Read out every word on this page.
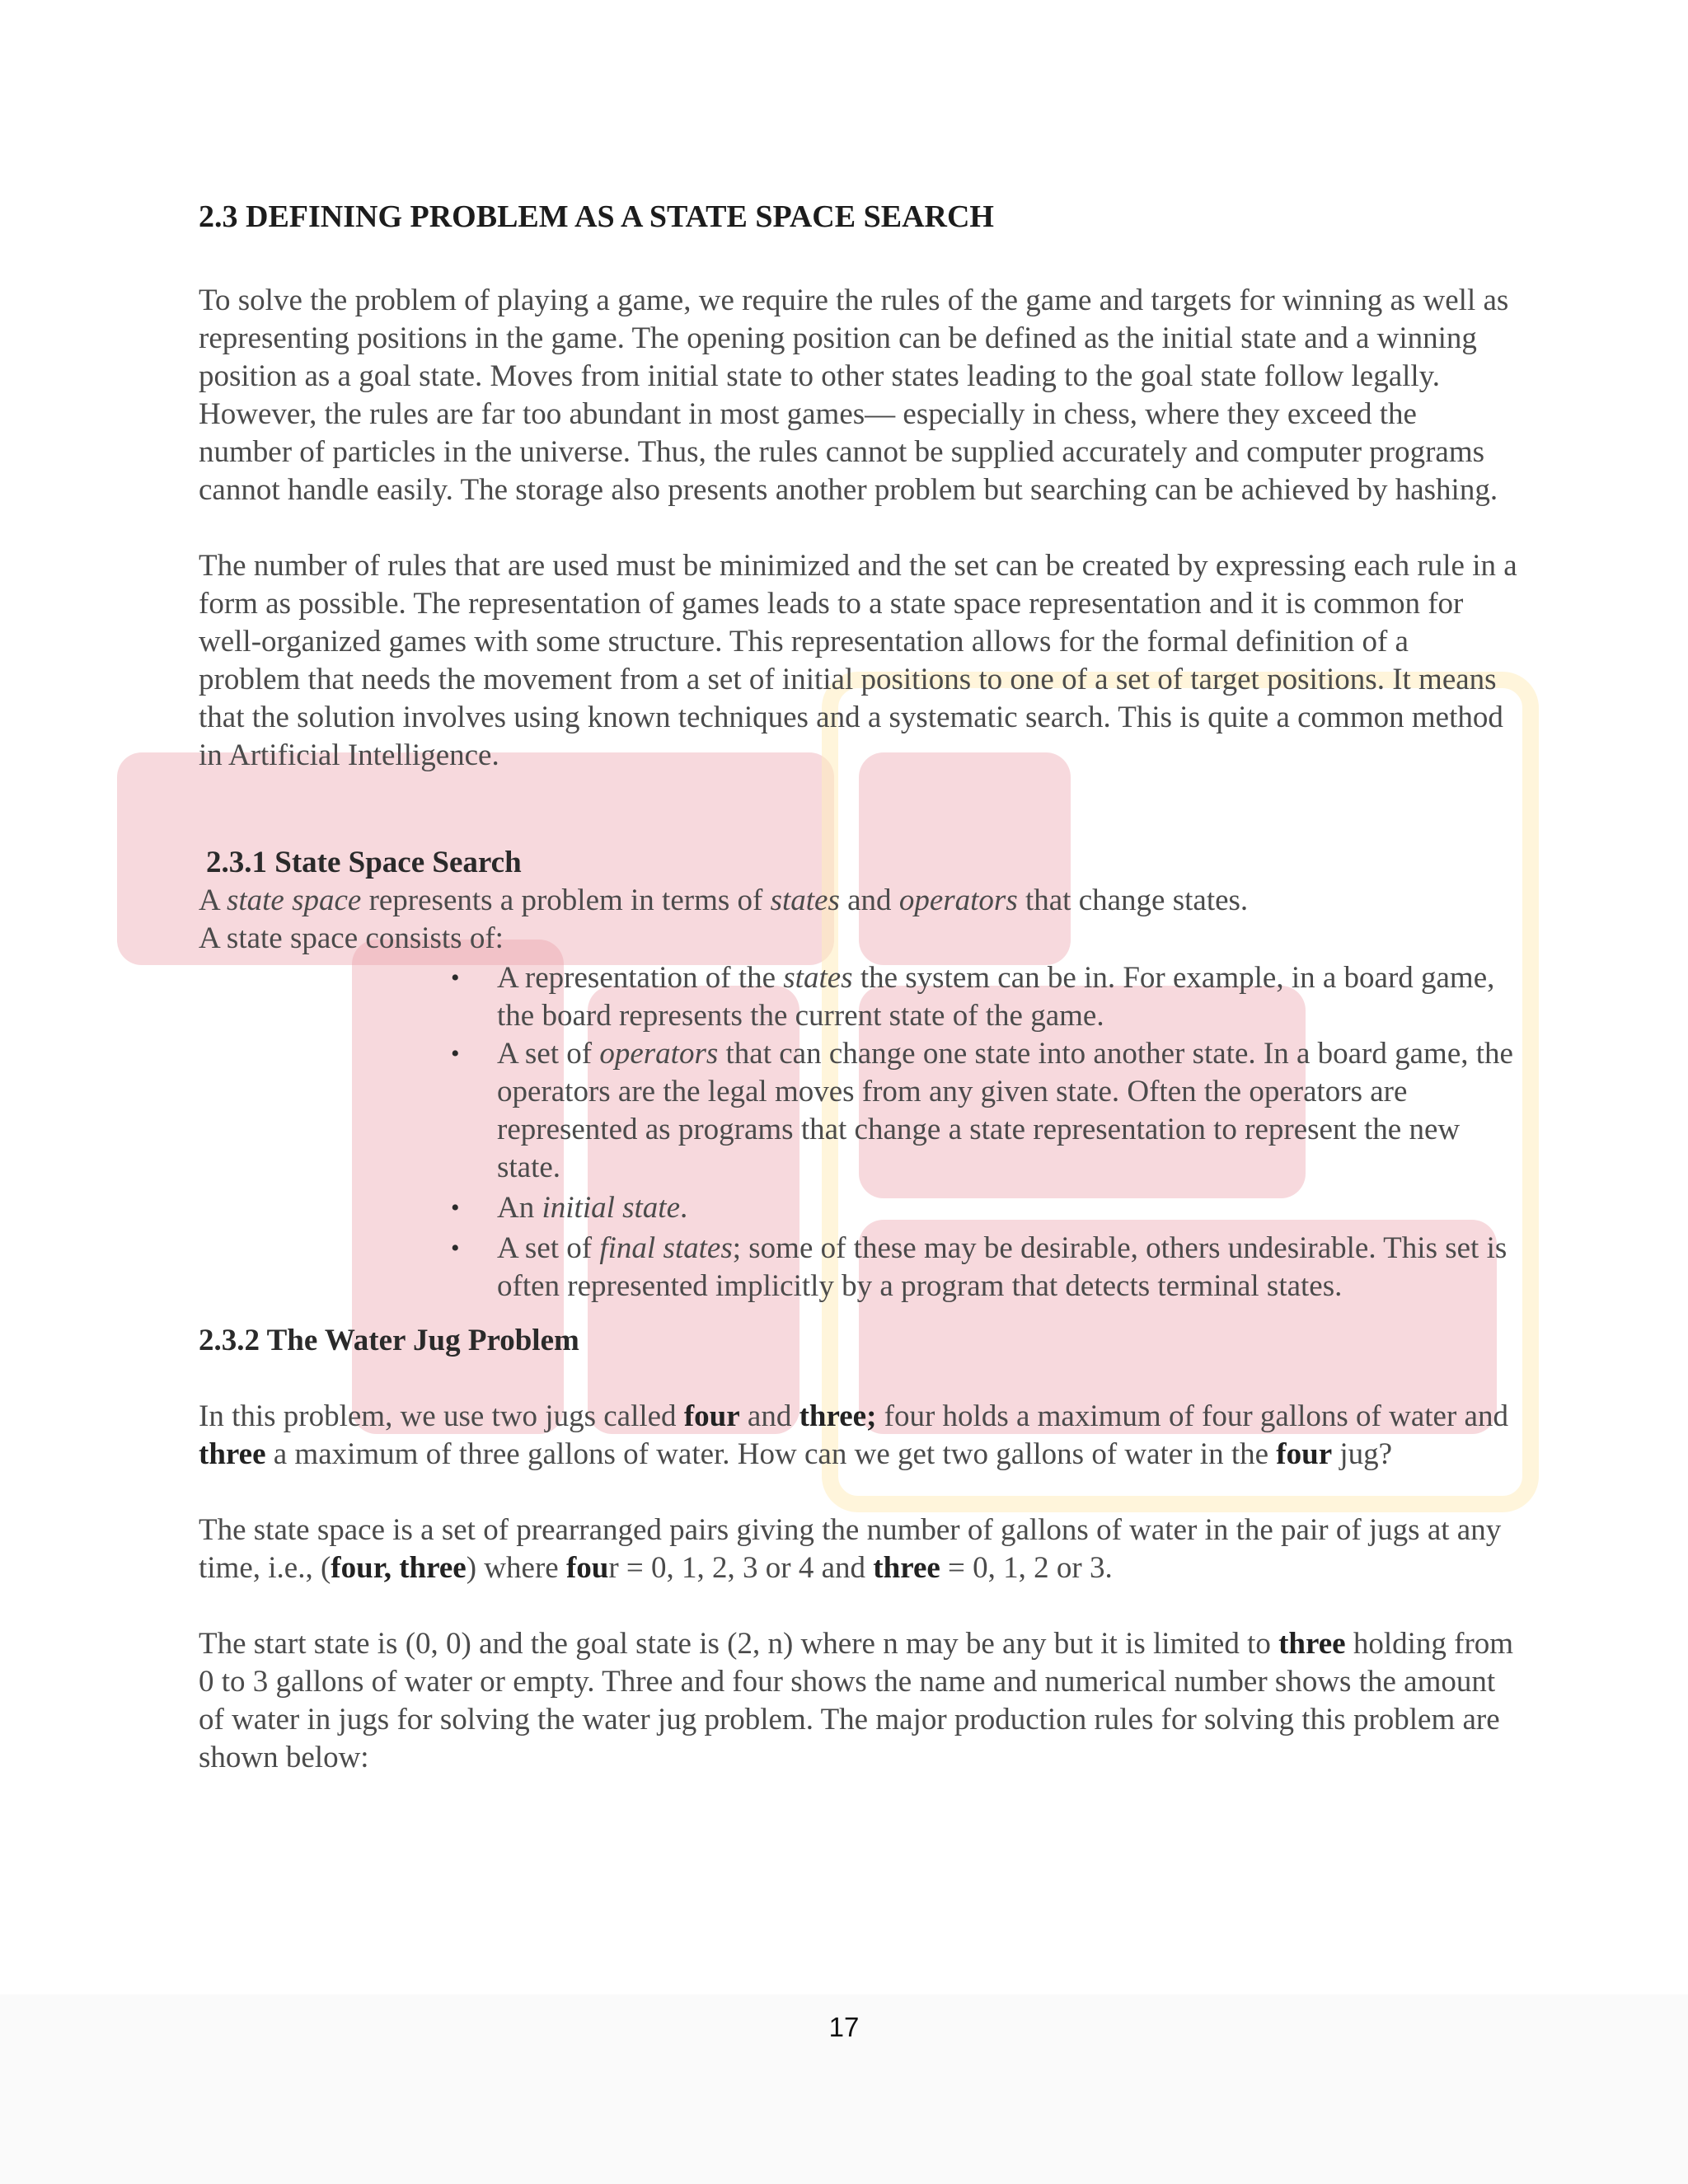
2.3 DEFINING PROBLEM AS A STATE SPACE SEARCH

To solve the problem of playing a game, we require the rules of the game and targets for winning as well as representing positions in the game. The opening position can be defined as the initial state and a winning position as a goal state. Moves from initial state to other states leading to the goal state follow legally. However, the rules are far too abundant in most games— especially in chess, where they exceed the number of particles in the universe. Thus, the rules cannot be supplied accurately and computer programs cannot handle easily. The storage also presents another problem but searching can be achieved by hashing.

The number of rules that are used must be minimized and the set can be created by expressing each rule in a form as possible. The representation of games leads to a state space representation and it is common for well-organized games with some structure. This representation allows for the formal definition of a problem that needs the movement from a set of initial positions to one of a set of target positions. It means that the solution involves using known techniques and a systematic search. This is quite a common method in Artificial Intelligence.

2.3.1 State Space Search

A state space represents a problem in terms of states and operators that change states.

A state space consists of:

• A representation of the states the system can be in. For example, in a board game, the board represents the current state of the game.
• A set of operators that can change one state into another state. In a board game, the operators are the legal moves from any given state. Often the operators are represented as programs that change a state representation to represent the new state.
• An initial state.
• A set of final states; some of these may be desirable, others undesirable. This set is often represented implicitly by a program that detects terminal states.

2.3.2 The Water Jug Problem

In this problem, we use two jugs called four and three; four holds a maximum of four gallons of water and three a maximum of three gallons of water. How can we get two gallons of water in the four jug?

The state space is a set of prearranged pairs giving the number of gallons of water in the pair of jugs at any time, i.e., (four, three) where four = 0, 1, 2, 3 or 4 and three = 0, 1, 2 or 3.

The start state is (0, 0) and the goal state is (2, n) where n may be any but it is limited to three holding from 0 to 3 gallons of water or empty. Three and four shows the name and numerical number shows the amount of water in jugs for solving the water jug problem. The major production rules for solving this problem are shown below:

17
